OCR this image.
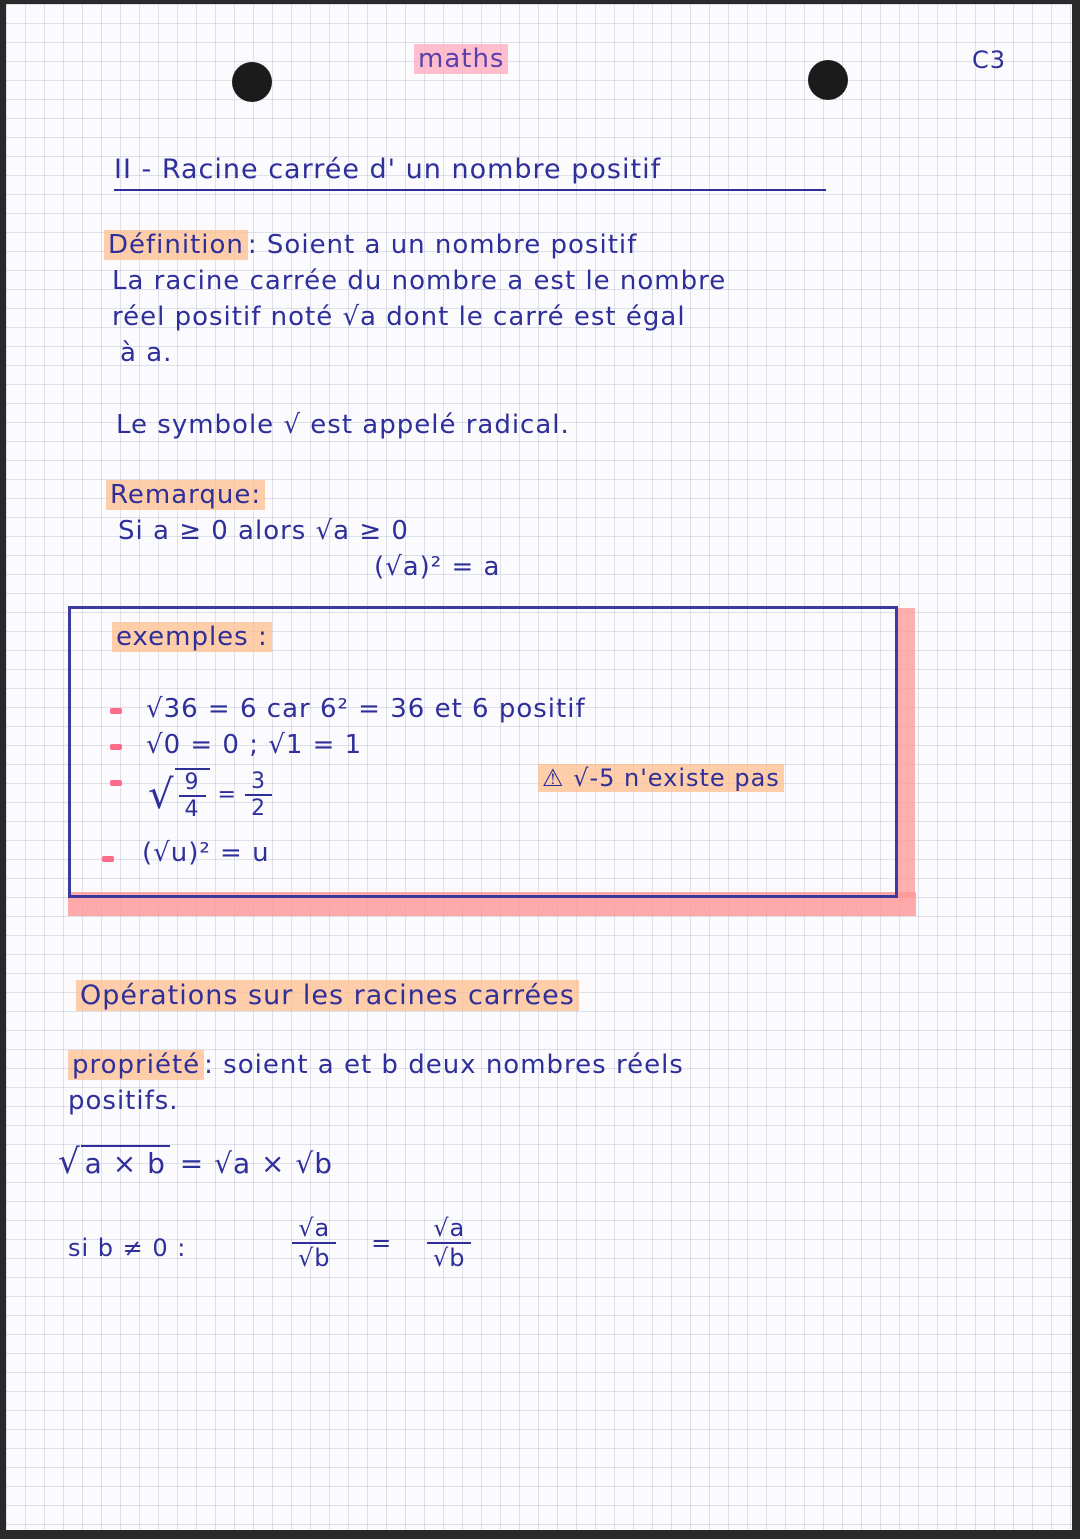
maths	C3
II - Racine carrée d' un nombre positif
Définition : Soient a un nombre positif
La racine carrée du nombre a est le nombre
réel positif noté √a dont le carré est égal
à a.
Le symbole √ est appelé radical.
Remarque:
Si a ≥ 0 alors √a ≥ 0
(√a)² = a
exemples :
√36 = 6 car 6² = 36 et 6 positif
√0 = 0 ; √1 = 1
√ $\frac{9}{4} = \frac{3}{2}$
(√u)² = u
⚠ √-5 n'existe pas
Opérations sur les racines carrées
propriété : soient a et b deux nombres réels
positifs.
√ a × b = √a × √b
si b ≠ 0 :	$\frac{√a}{√b} = \frac{√a}{√b}$
